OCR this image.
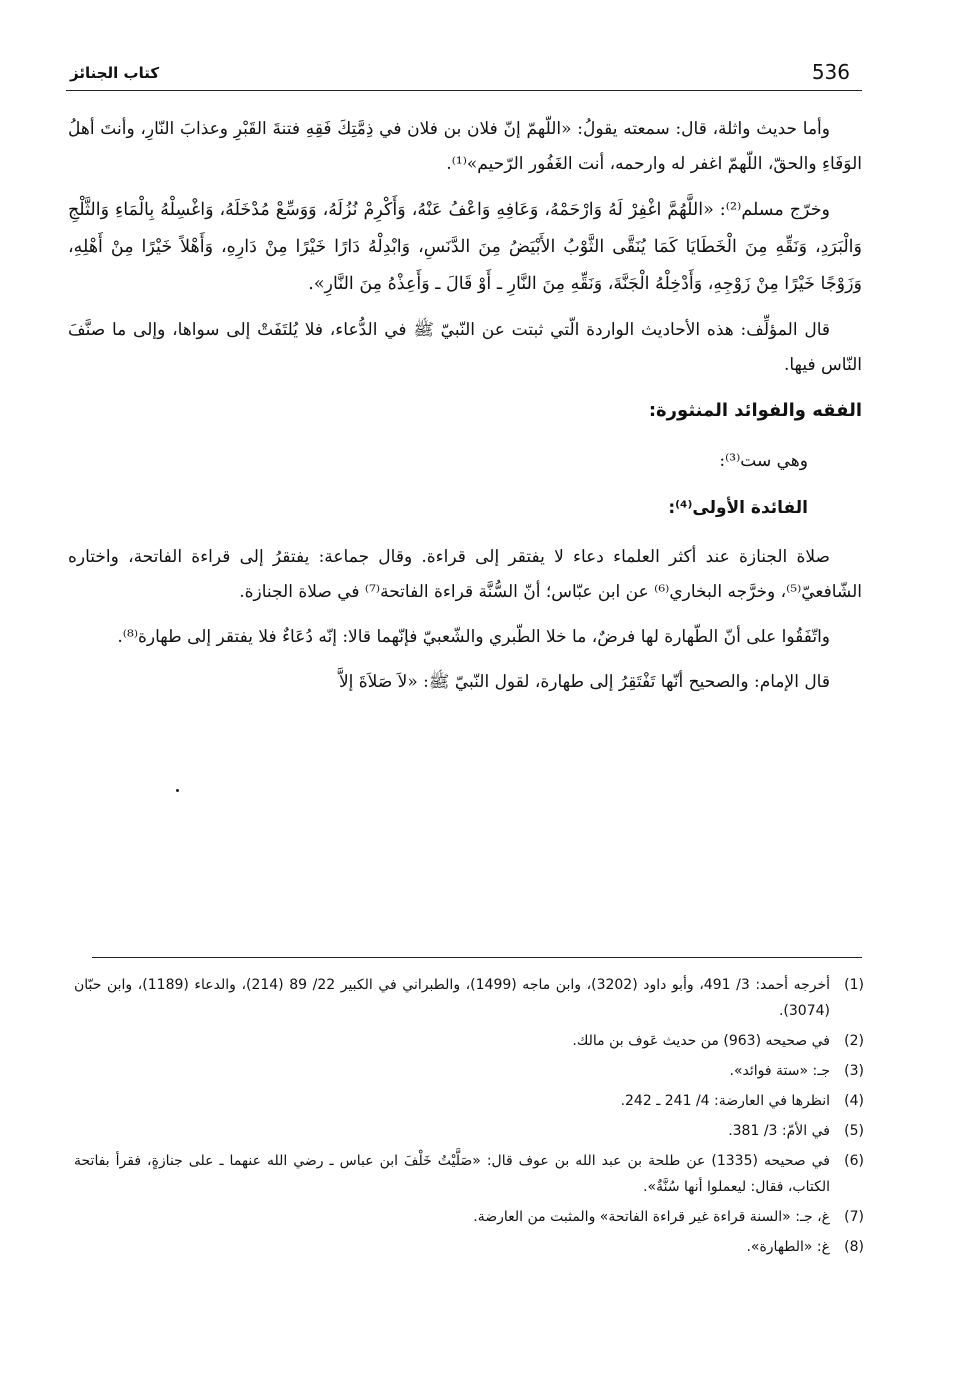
536
كتاب الجنائز

وأما حديث واثلة، قال: سمعته يقولُ: «اللّهمّ إنّ فلان بن فلان في ذِمَّتِكَ فَقِهِ فتنةَ القَبْرِ وعذابَ النّارِ، وأنتَ أهلُ الوَفَاءِ والحقّ، اللّهمّ اغفر له وارحمه، أنت الغَفُور الرّحيم»⁽¹⁾.

وخرّج مسلم⁽²⁾: «اللَّهُمَّ اغْفِرْ لَهُ وَارْحَمْهُ، وَعَافِهِ وَاعْفُ عَنْهُ، وَأَكْرِمْ نُزُلَهُ، وَوَسِّعْ مُدْخَلَهُ، وَاغْسِلْهُ بِالْمَاءِ وَالثَّلْجِ وَالْبَرَدِ، وَنَقِّهِ مِنَ الْخَطَايَا كَمَا يُنَقَّى الثَّوْبُ الأَبْيَضُ مِنَ الدَّنَسِ، وَابْدِلْهُ دَارًا خَيْرًا مِنْ دَارِهِ، وَأَهْلاً خَيْرًا مِنْ أَهْلِهِ، وَزَوْجًا خَيْرًا مِنْ زَوْجِهِ، وَأَدْخِلْهُ الْجَنَّةَ، وَنَقِّهِ مِنَ النَّارِ ـ أَوْ قَالَ ـ وَأَعِذْهُ مِنَ النَّارِ».

قال المؤلِّف: هذه الأحاديث الواردة الّتي ثبتت عن النّبيّ ﷺ في الدُّعاء، فلا يُلتَفَتْ إلى سواها، وإلى ما صنَّفَ النّاس فيها.

الفقه والفوائد المنثورة:
وهي ست⁽³⁾:
الفائدة الأولى⁽⁴⁾:

صلاة الجنازة عند أكثر العلماء دعاء لا يفتقر إلى قراءة. وقال جماعة: يفتقرُ إلى قراءة الفاتحة، واختاره الشّافعيّ⁽⁵⁾، وخرَّجه البخاري⁽⁶⁾ عن ابن عبّاس؛ أنّ السُّنَّة قراءة الفاتحة⁽⁷⁾ في صلاة الجنازة.

واتّفَقُوا على أنّ الطّهارة لها فرضٌ، ما خلا الطّبري والشّعبيّ فإنّهما قالا: إنّه دُعَاءٌ فلا يفتقر إلى طهارة⁽⁸⁾.

قال الإمام: والصحيح أنّها تَفْتَقِرُ إلى طهارة، لقول النّبيّ ﷺ: «لاَ صَلاَةَ إلاَّ

(1)
أخرجه أحمد: 3/ 491، وأبو داود (3202)، وابن ماجه (1499)، والطبراني في الكبير 22/ 89 (214)، والدعاء (1189)، وابن حبّان (3074).
(2)
في صحيحه (963) من حديث عَوف بن مالك.
(3)
جـ: «ستة فوائد».
(4)
انظرها في العارضة: 4/ 241 ـ 242.
(5)
في الأمّ: 3/ 381.
(6)
في صحيحه (1335) عن طلحة بن عبد الله بن عوف قال: «صَلَّيْتُ خَلْفَ ابن عباس ـ رضي الله عنهما ـ على جنازةٍ، فقرأ بفاتحة الكتاب، فقال: ليعملوا أنها سُنَّةٌ».
(7)
غ، جـ: «السنة قراءة غير قراءة الفاتحة» والمثبت من العارضة.
(8)
غ: «الطهارة».
